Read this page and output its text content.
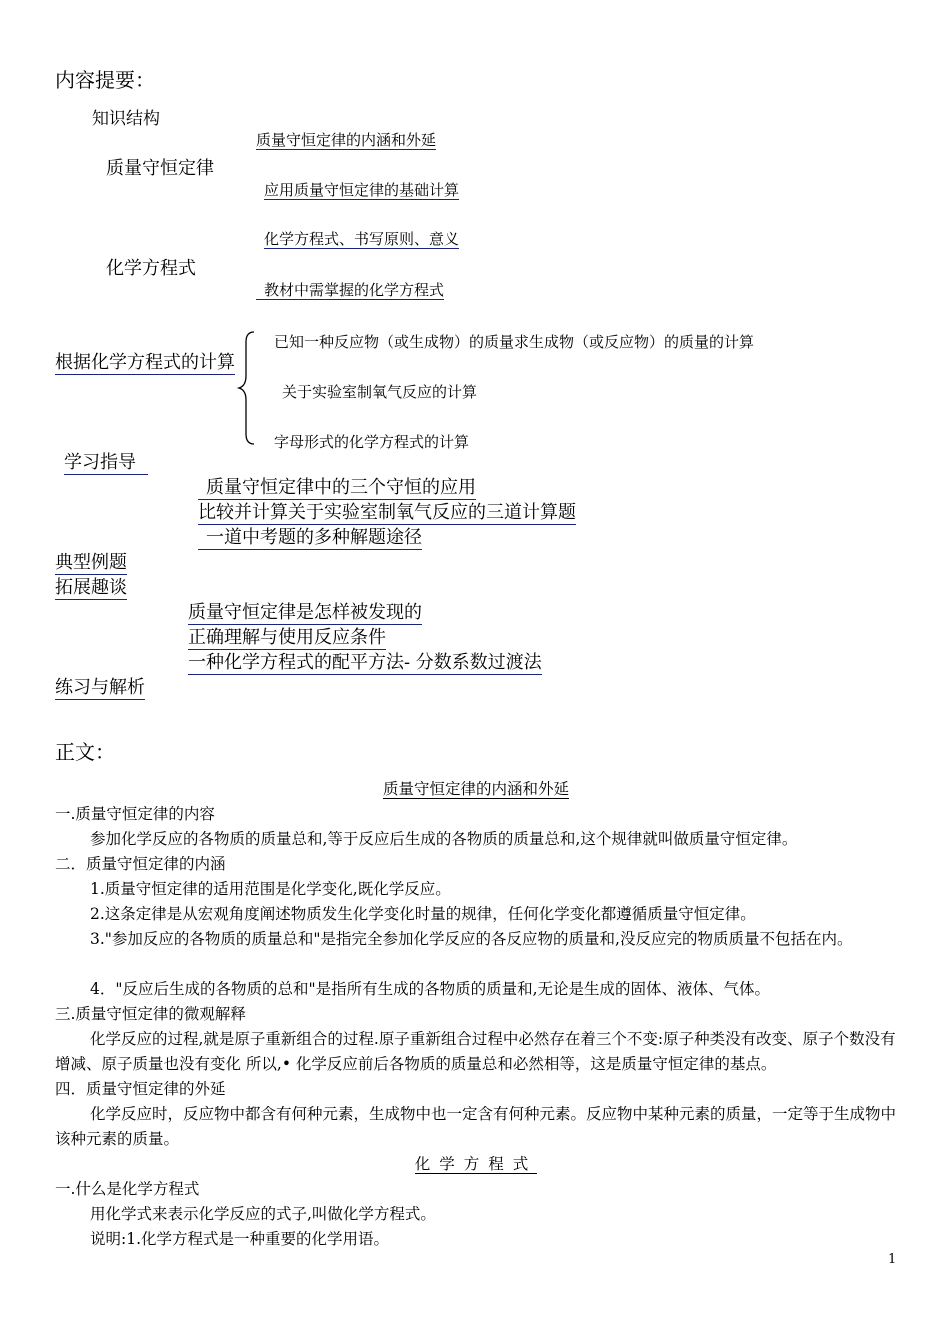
内容提要：
知识结构
质量守恒定律
质量守恒定律的内涵和外延
应用质量守恒定律的基础计算
化学方程式
化学方程式、书写原则、意义
教材中需掌握的化学方程式
根据化学方程式的计算
已知一种反应物（或生成物）的质量求生成物（或反应物）的质量的计算
关于实验室制氧气反应的计算
字母形式的化学方程式的计算
学习指导
质量守恒定律中的三个守恒的应用
比较并计算关于实验室制氧气反应的三道计算题
一道中考题的多种解题途径
典型例题
拓展趣谈
质量守恒定律是怎样被发现的
正确理解与使用反应条件
一种化学方程式的配平方法- 分数系数过渡法
练习与解析
正文：
质量守恒定律的内涵和外延
一.质量守恒定律的内容
参加化学反应的各物质的质量总和,等于反应后生成的各物质的质量总和,这个规律就叫做质量守恒定律。
二．质量守恒定律的内涵
1.质量守恒定律的适用范围是化学变化,既化学反应。
2.这条定律是从宏观角度阐述物质发生化学变化时量的规律，任何化学变化都遵循质量守恒定律。
3."参加反应的各物质的质量总和"是指完全参加化学反应的各反应物的质量和,没反应完的物质质量不包括在内。
4．"反应后生成的各物质的总和"是指所有生成的各物质的质量和,无论是生成的固体、液体、气体。
三.质量守恒定律的微观解释
化学反应的过程,就是原子重新组合的过程.原子重新组合过程中必然存在着三个不变:原子种类没有改变、原子个数没有增减、原子质量也没有变化 所以,• 化学反应前后各物质的质量总和必然相等，这是质量守恒定律的基点。
四．质量守恒定律的外延
化学反应时，反应物中都含有何种元素，生成物中也一定含有何种元素。反应物中某种元素的质量，一定等于生成物中该种元素的质量。
化学方程式
一.什么是化学方程式
用化学式来表示化学反应的式子,叫做化学方程式。
说明:1.化学方程式是一种重要的化学用语。
1
